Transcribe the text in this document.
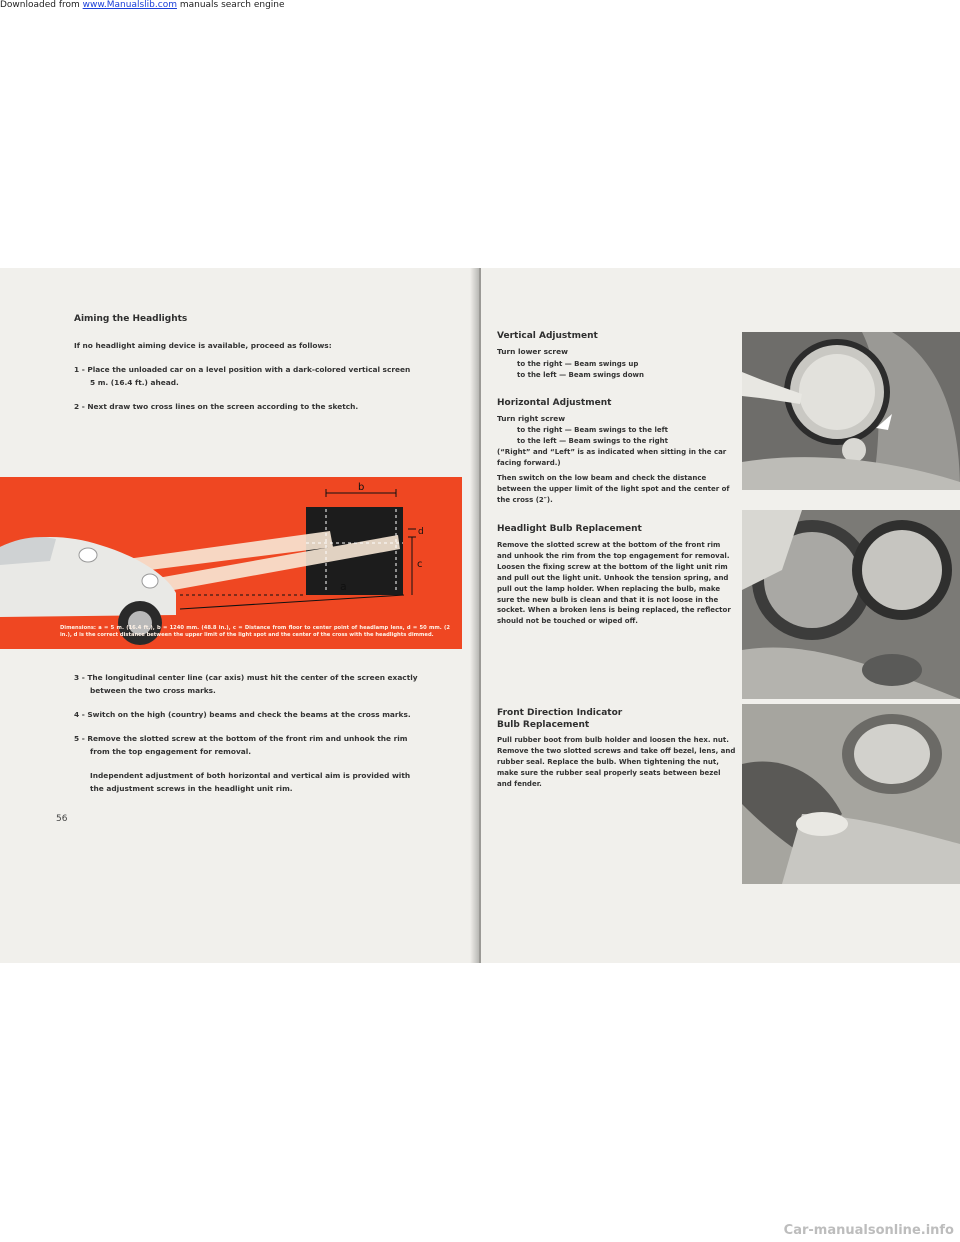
Downloaded from www.Manualslib.com manuals search engine
Aiming the Headlights
If no headlight aiming device is available, proceed as follows:
1 - Place the unloaded car on a level position with a dark-colored vertical screen
5 m. (16.4 ft.) ahead.
2 - Next draw two cross lines on the screen according to the sketch.
b
a
c
d
Dimensions: a = 5 m. (16.4 ft.), b = 1240 mm. (48.8 in.), c = Distance from floor to center point of headlamp lens, d = 50 mm. (2 in.), d is the correct distance between the upper limit of the light spot and the center of the cross with the headlights dimmed.
3 - The longitudinal center line (car axis) must hit the center of the screen exactly
between the two cross marks.
4 - Switch on the high (country) beams and check the beams at the cross marks.
5 - Remove the slotted screw at the bottom of the front rim and unhook the rim
from the top engagement for removal.
Independent adjustment of both horizontal and vertical aim is provided with
the adjustment screws in the headlight unit rim.
56
Vertical Adjustment
Turn lower screw
to the right — Beam swings up
to the left — Beam swings down
Horizontal Adjustment
Turn right screw
to the right — Beam swings to the left
to the left — Beam swings to the right
(“Right” and “Left” is as indicated when sitting in the car facing forward.)
Then switch on the low beam and check the distance between the upper limit of the light spot and the center of the cross (2″).
Headlight Bulb Replacement
Remove the slotted screw at the bottom of the front rim and unhook the rim from the top engagement for removal. Loosen the fixing screw at the bottom of the light unit rim and pull out the light unit. Unhook the tension spring, and pull out the lamp holder. When replacing the bulb, make sure the new bulb is clean and that it is not loose in the socket. When a broken lens is being replaced, the reflector should not be touched or wiped off.
Front Direction Indicator
Bulb Replacement
Pull rubber boot from bulb holder and loosen the hex. nut. Remove the two slotted screws and take off bezel, lens, and rubber seal. Replace the bulb. When tightening the nut, make sure the rubber seal properly seats between bezel and fender.
Car-manualsonline.info
